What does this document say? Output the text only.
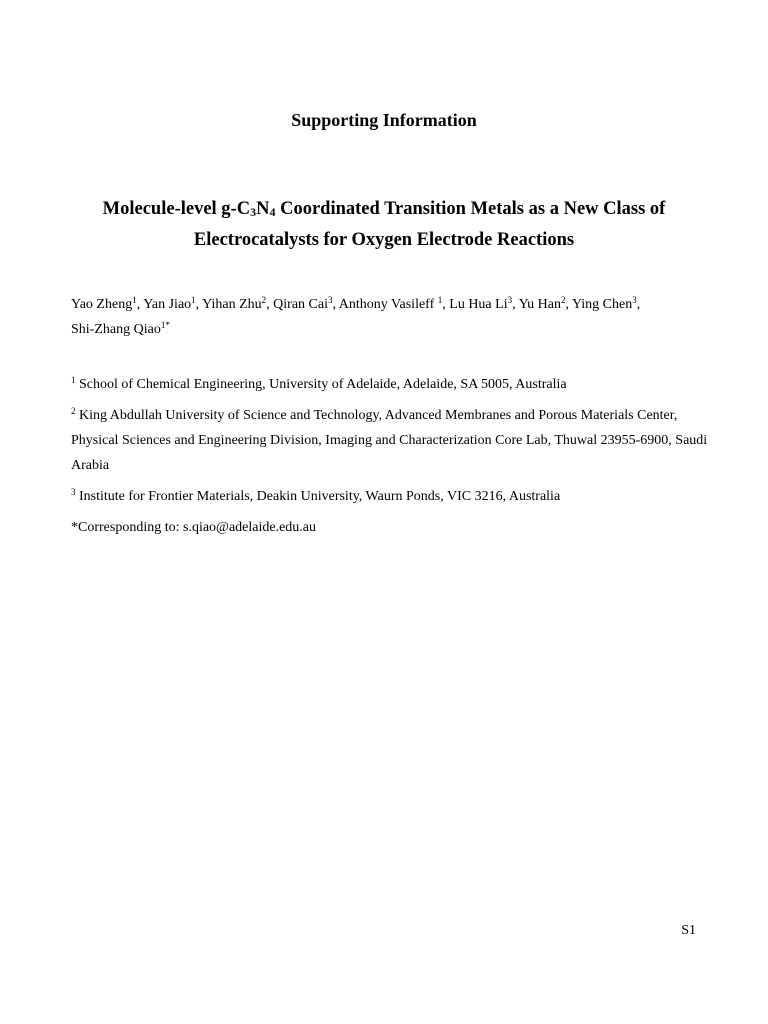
Supporting Information

Molecule-level $g-C_3N_4$ Coordinated Transition Metals as a New Class of
Electrocatalysts for Oxygen Electrode Reactions

Yao Zheng$^1$, Yan Jiao$^1$, Yihan Zhu$^2$, Qiran Cai$^3$, Anthony Vasileff $^1$, Lu Hua Li$^3$, Yu Han$^2$, Ying Chen$^3$,
Shi-Zhang Qiao$^{1*}$

$^1$ School of Chemical Engineering, University of Adelaide, Adelaide, SA 5005, Australia

$^2$ King Abdullah University of Science and Technology, Advanced Membranes and Porous Materials Center, Physical Sciences and Engineering Division, Imaging and Characterization Core Lab, Thuwal 23955-6900, Saudi Arabia

$^3$ Institute for Frontier Materials, Deakin University, Waurn Ponds, VIC 3216, Australia

*Corresponding to: s.qiao@adelaide.edu.au

S1
